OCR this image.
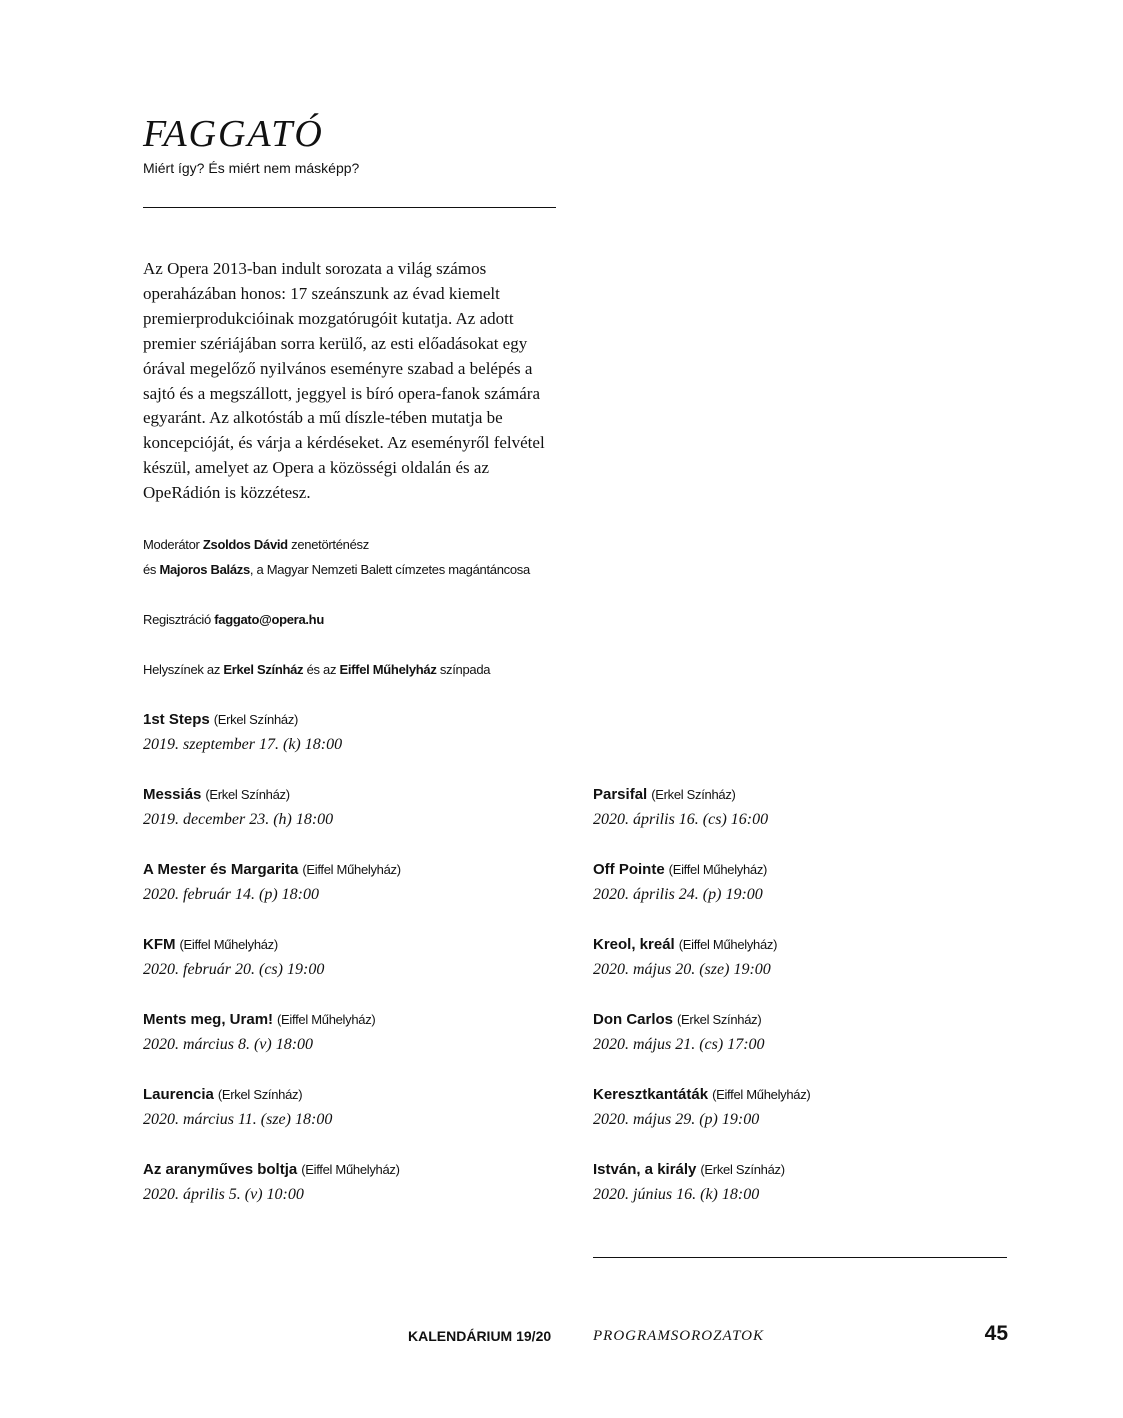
FAGGATÓ
Miért így? És miért nem másképp?

Az Opera 2013-ban indult sorozata a világ számos operaházában honos: 17 szeánszunk az évad kiemelt premierprodukcióinak mozgatórugóit kutatja. Az adott premier szériájában sorra kerülő, az esti előadásokat egy órával megelőző nyilvános eseményre szabad a belépés a sajtó és a megszállott, jeggyel is bíró opera-fanok számára egyaránt. Az alkotóstáb a mű díszle-tében mutatja be koncepcióját, és várja a kérdéseket. Az eseményről felvétel készül, amelyet az Opera a közösségi oldalán és az OpeRádión is közzétesz.

Moderátor Zsoldos Dávid zenetörténész
és Majoros Balázs, a Magyar Nemzeti Balett címzetes magántáncosa
Regisztráció faggato@opera.hu
Helyszínek az Erkel Színház és az Eiffel Műhelyház színpada
1st Steps (Erkel Színház)
2019. szeptember 17. (k) 18:00
Messiás (Erkel Színház)
2019. december 23. (h) 18:00
A Mester és Margarita (Eiffel Műhelyház)
2020. február 14. (p) 18:00
KFM (Eiffel Műhelyház)
2020. február 20. (cs) 19:00
Ments meg, Uram! (Eiffel Műhelyház)
2020. március 8. (v) 18:00
Laurencia (Erkel Színház)
2020. március 11. (sze) 18:00
Az aranyműves boltja (Eiffel Műhelyház)
2020. április 5. (v) 10:00
Parsifal (Erkel Színház)
2020. április 16. (cs) 16:00
Off Pointe (Eiffel Műhelyház)
2020. április 24. (p) 19:00
Kreol, kreál (Eiffel Műhelyház)
2020. május 20. (sze) 19:00
Don Carlos (Erkel Színház)
2020. május 21. (cs) 17:00
Keresztkantáták (Eiffel Műhelyház)
2020. május 29. (p) 19:00
István, a király (Erkel Színház)
2020. június 16. (k) 18:00
KALENDÁRIUM 19/20	PROGRAMSOROZATOK	45
